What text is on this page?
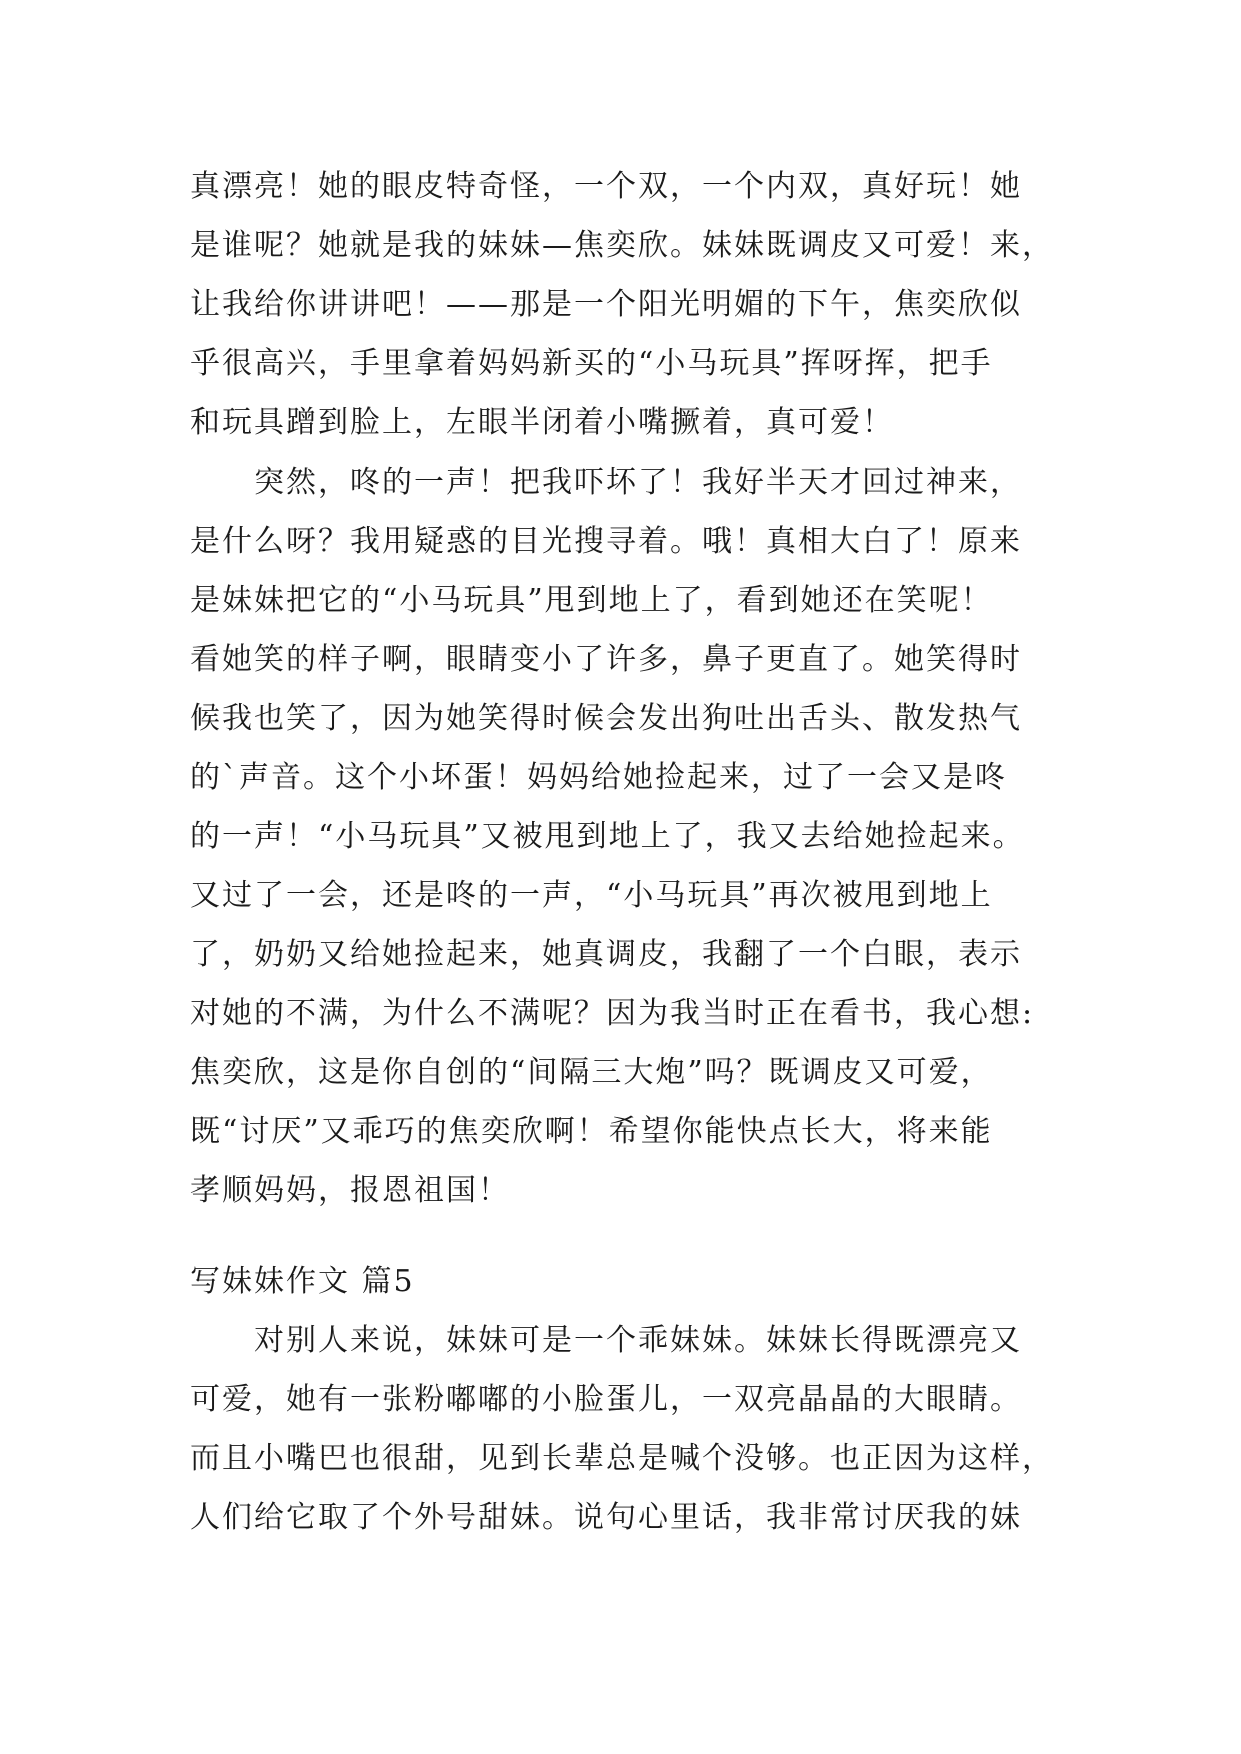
真漂亮！她的眼皮特奇怪，一个双，一个内双，真好玩！她
是谁呢？她就是我的妹妹—焦奕欣。妹妹既调皮又可爱！来，
让我给你讲讲吧！——那是一个阳光明媚的下午，焦奕欣似
乎很高兴，手里拿着妈妈新买的“小马玩具”挥呀挥，把手
和玩具蹭到脸上，左眼半闭着小嘴撅着，真可爱！
突然，咚的一声！把我吓坏了！我好半天才回过神来，
是什么呀？我用疑惑的目光搜寻着。哦！真相大白了！原来
是妹妹把它的“小马玩具”甩到地上了，看到她还在笑呢！
看她笑的样子啊，眼睛变小了许多，鼻子更直了。她笑得时
候我也笑了，因为她笑得时候会发出狗吐出舌头、散发热气
的`声音。这个小坏蛋！妈妈给她捡起来，过了一会又是咚
的一声！“小马玩具”又被甩到地上了，我又去给她捡起来。
又过了一会，还是咚的一声，“小马玩具”再次被甩到地上
了，奶奶又给她捡起来，她真调皮，我翻了一个白眼，表示
对她的不满，为什么不满呢？因为我当时正在看书，我心想:
焦奕欣，这是你自创的“间隔三大炮”吗？既调皮又可爱，
既“讨厌”又乖巧的焦奕欣啊！希望你能快点长大，将来能
孝顺妈妈，报恩祖国！
写妹妹作文 篇5
对别人来说，妹妹可是一个乖妹妹。妹妹长得既漂亮又
可爱，她有一张粉嘟嘟的小脸蛋儿，一双亮晶晶的大眼睛。
而且小嘴巴也很甜，见到长辈总是喊个没够。也正因为这样，
人们给它取了个外号甜妹。说句心里话，我非常讨厌我的妹
